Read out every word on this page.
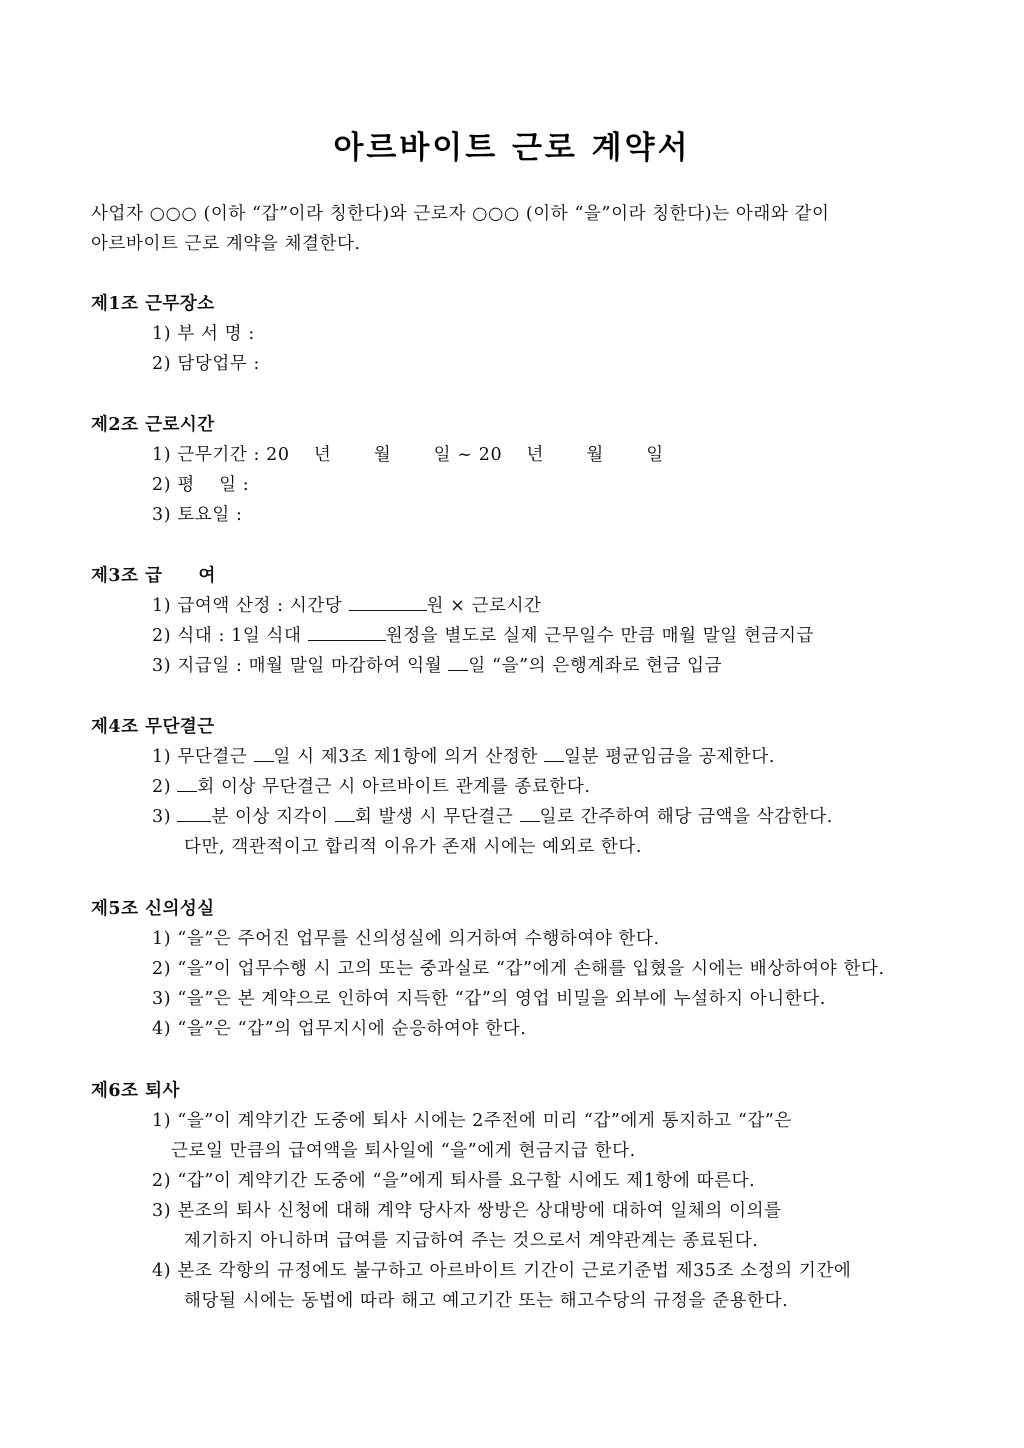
아르바이트 근로 계약서

사업자 ○○○ (이하 “갑”이라 칭한다)와 근로자 ○○○ (이하 “을”이라 칭한다)는 아래와 같이

아르바이트 근로 계약을 체결한다.

제1조 근무장소
1) 부 서 명 :
2) 담당업무 :
제2조 근로시간
1) 근무기간 : 20　 년　　 월　　 일 ~ 20　 년　　 월　　 일
2) 평　 일 :
3) 토요일 :
제3조 급　　여
1) 급여액 산정 : 시간당	원 × 근로시간
2) 식대 : 1일 식대	원정을 별도로 실제 근무일수 만큼 매월 말일 현금지급
3) 지급일 : 매월 말일 마감하여 익월 일 “을”의 은행계좌로 현금 입금
제4조 무단결근
1) 무단결근 일 시 제3조 제1항에 의거 산정한 일분 평균임금을 공제한다.
2) 회 이상 무단결근 시 아르바이트 관계를 종료한다.
3) 분 이상 지각이 회 발생 시 무단결근 일로 간주하여 해당 금액을 삭감한다.
다만, 객관적이고 합리적 이유가 존재 시에는 예외로 한다.
제5조 신의성실
1) “을”은 주어진 업무를 신의성실에 의거하여 수행하여야 한다.
2) “을”이 업무수행 시 고의 또는 중과실로 “갑”에게 손해를 입혔을 시에는 배상하여야 한다.
3) “을”은 본 계약으로 인하여 지득한 “갑”의 영업 비밀을 외부에 누설하지 아니한다.
4) “을”은 “갑”의 업무지시에 순응하여야 한다.
제6조 퇴사
1) “을”이 계약기간 도중에 퇴사 시에는 2주전에 미리 “갑”에게 통지하고 “갑”은
근로일 만큼의 급여액을 퇴사일에 “을”에게 현금지급 한다.
2) “갑”이 계약기간 도중에 “을”에게 퇴사를 요구할 시에도 제1항에 따른다.
3) 본조의 퇴사 신청에 대해 계약 당사자 쌍방은 상대방에 대하여 일체의 이의를
제기하지 아니하며 급여를 지급하여 주는 것으로서 계약관계는 종료된다.
4) 본조 각항의 규정에도 불구하고 아르바이트 기간이 근로기준법 제35조 소정의 기간에
해당될 시에는 동법에 따라 해고 예고기간 또는 해고수당의 규정을 준용한다.
